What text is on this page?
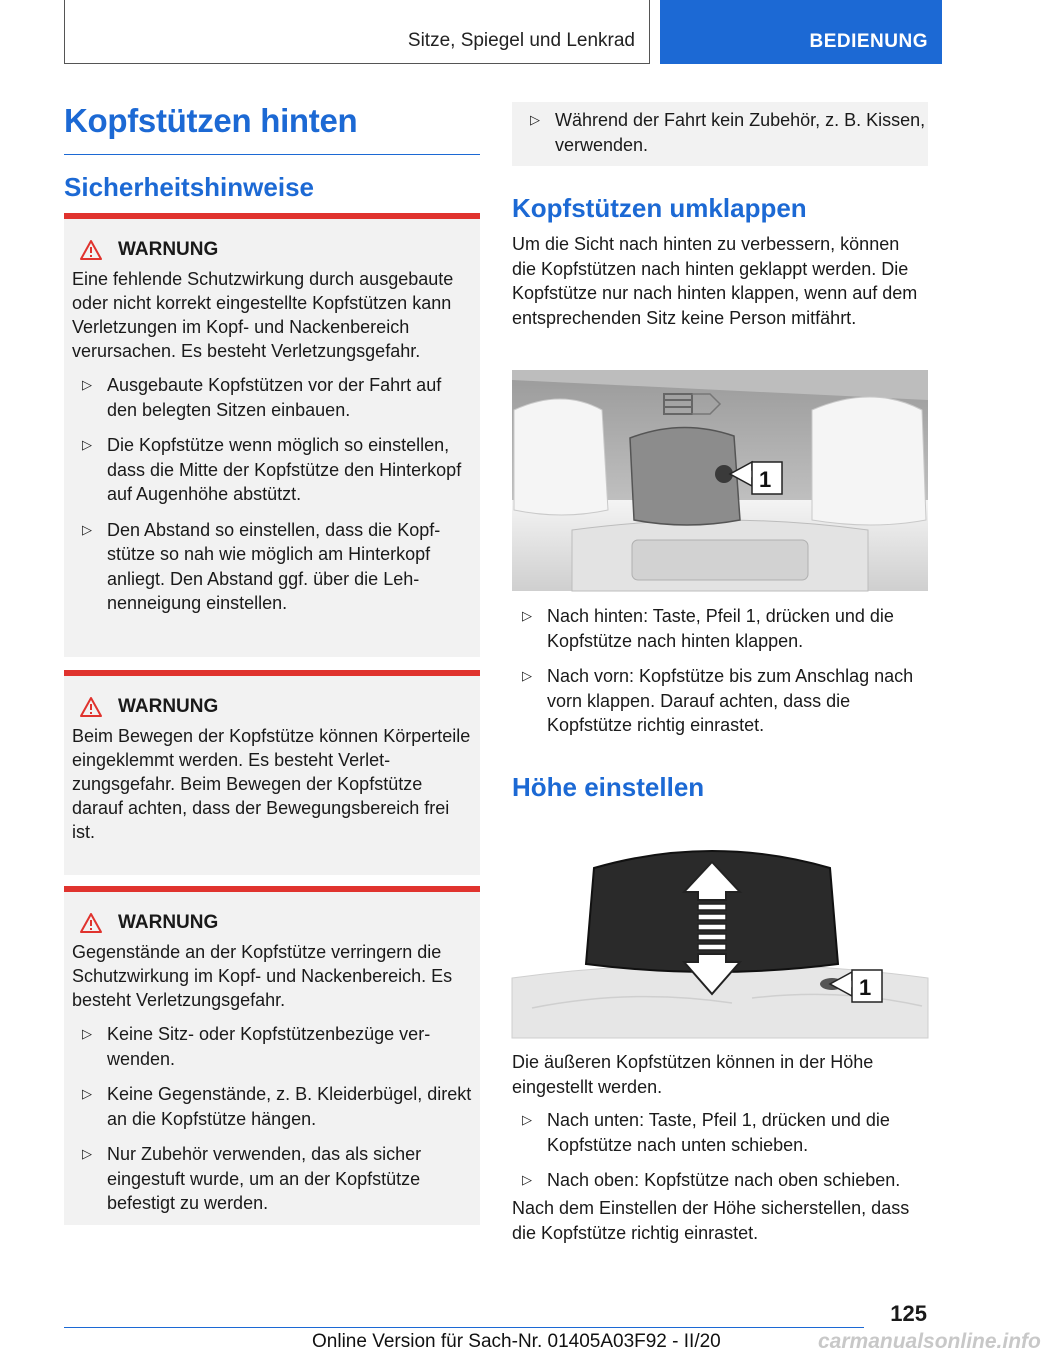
Sitze, Spiegel und Lenkrad	BEDIENUNG
Kopfstützen hinten
Sicherheitshinweise
WARNUNG
Eine fehlende Schutzwirkung durch ausgebaute oder nicht korrekt eingestellte Kopfstützen kann Verletzungen im Kopf- und Nackenbereich verursachen. Es besteht Verletzungsgefahr.
▷ Ausgebaute Kopfstützen vor der Fahrt auf den belegten Sitzen einbauen.
▷ Die Kopfstütze wenn möglich so einstellen, dass die Mitte der Kopfstütze den Hinterkopf auf Augenhöhe abstützt.
▷ Den Abstand so einstellen, dass die Kopfstütze so nah wie möglich am Hinterkopf anliegt. Den Abstand ggf. über die Lehnenneigung einstellen.
WARNUNG
Beim Bewegen der Kopfstütze können Körperteile eingeklemmt werden. Es besteht Verletzungsgefahr. Beim Bewegen der Kopfstütze darauf achten, dass der Bewegungsbereich frei ist.
WARNUNG
Gegenstände an der Kopfstütze verringern die Schutzwirkung im Kopf- und Nackenbereich. Es besteht Verletzungsgefahr.
▷ Keine Sitz- oder Kopfstützenbezüge verwenden.
▷ Keine Gegenstände, z. B. Kleiderbügel, direkt an die Kopfstütze hängen.
▷ Nur Zubehör verwenden, das als sicher eingestuft wurde, um an der Kopfstütze befestigt zu werden.
▷ Während der Fahrt kein Zubehör, z. B. Kissen, verwenden.
Kopfstützen umklappen
Um die Sicht nach hinten zu verbessern, können die Kopfstützen nach hinten geklappt werden. Die Kopfstütze nur nach hinten klappen, wenn auf dem entsprechenden Sitz keine Person mitfährt.
1
▷ Nach hinten: Taste, Pfeil 1, drücken und die Kopfstütze nach hinten klappen.
▷ Nach vorn: Kopfstütze bis zum Anschlag nach vorn klappen. Darauf achten, dass die Kopfstütze richtig einrastet.
Höhe einstellen
1
Die äußeren Kopfstützen können in der Höhe eingestellt werden.
▷ Nach unten: Taste, Pfeil 1, drücken und die Kopfstütze nach unten schieben.
▷ Nach oben: Kopfstütze nach oben schieben.
Nach dem Einstellen der Höhe sicherstellen, dass die Kopfstütze richtig einrastet.
125
Online Version für Sach-Nr. 01405A03F92 - II/20	carmanualsonline.info
